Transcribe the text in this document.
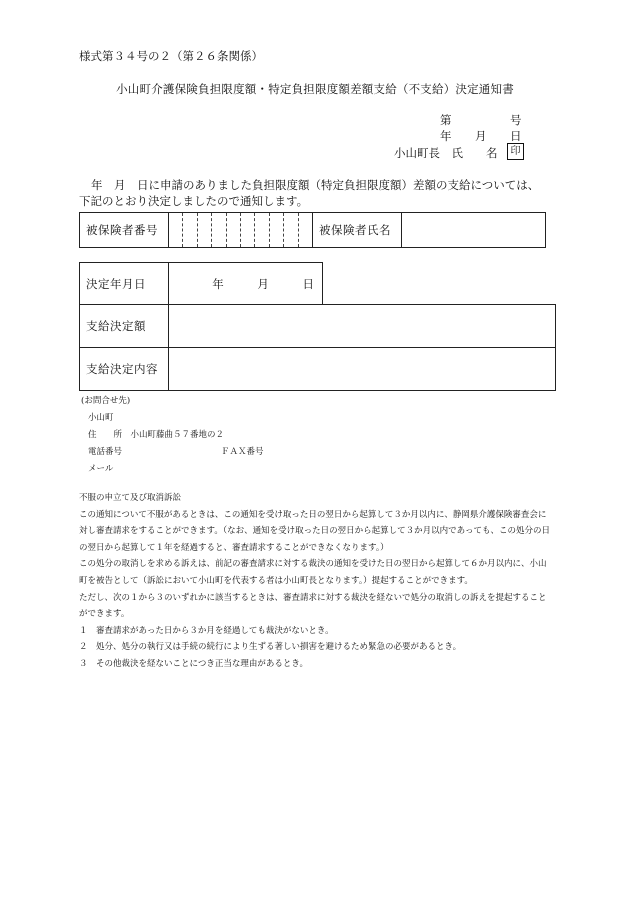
様式第３４号の２（第２６条関係）
小山町介護保険負担限度額・特定負担限度額差額支給（不支給）決定通知書
第	号
年 月 日
小山町長　氏　　名	印
年　月　日に申請のありました負担限度額（特定負担限度額）差額の支給については、
下記のとおり決定しましたので通知します。
被保険者番号		被保険者氏名	
決定年月日	年 月 日	
支給決定額		
支給決定内容		
(お問合せ先)
小山町
住　　所　小山町藤曲５７番地の２
電話番号	ＦＡＸ番号
メール

不服の申立て及び取消訴訟

この通知について不服があるときは、この通知を受け取った日の翌日から起算して３か月以内に、静岡県介護保険審査会に対し審査請求をすることができます。（なお、通知を受け取った日の翌日から起算して３か月以内であっても、この処分の日の翌日から起算して１年を経過すると、審査請求することができなくなります。）

この処分の取消しを求める訴えは、前記の審査請求に対する裁決の通知を受けた日の翌日から起算して６か月以内に、小山町を被告として（訴訟において小山町を代表する者は小山町長となります。）提起することができます。

ただし、次の１から３のいずれかに該当するときは、審査請求に対する裁決を経ないで処分の取消しの訴えを提起することができます。

１　審査請求があった日から３か月を経過しても裁決がないとき。

２　処分、処分の執行又は手続の続行により生ずる著しい損害を避けるため緊急の必要があるとき。

３　その他裁決を経ないことにつき正当な理由があるとき。
